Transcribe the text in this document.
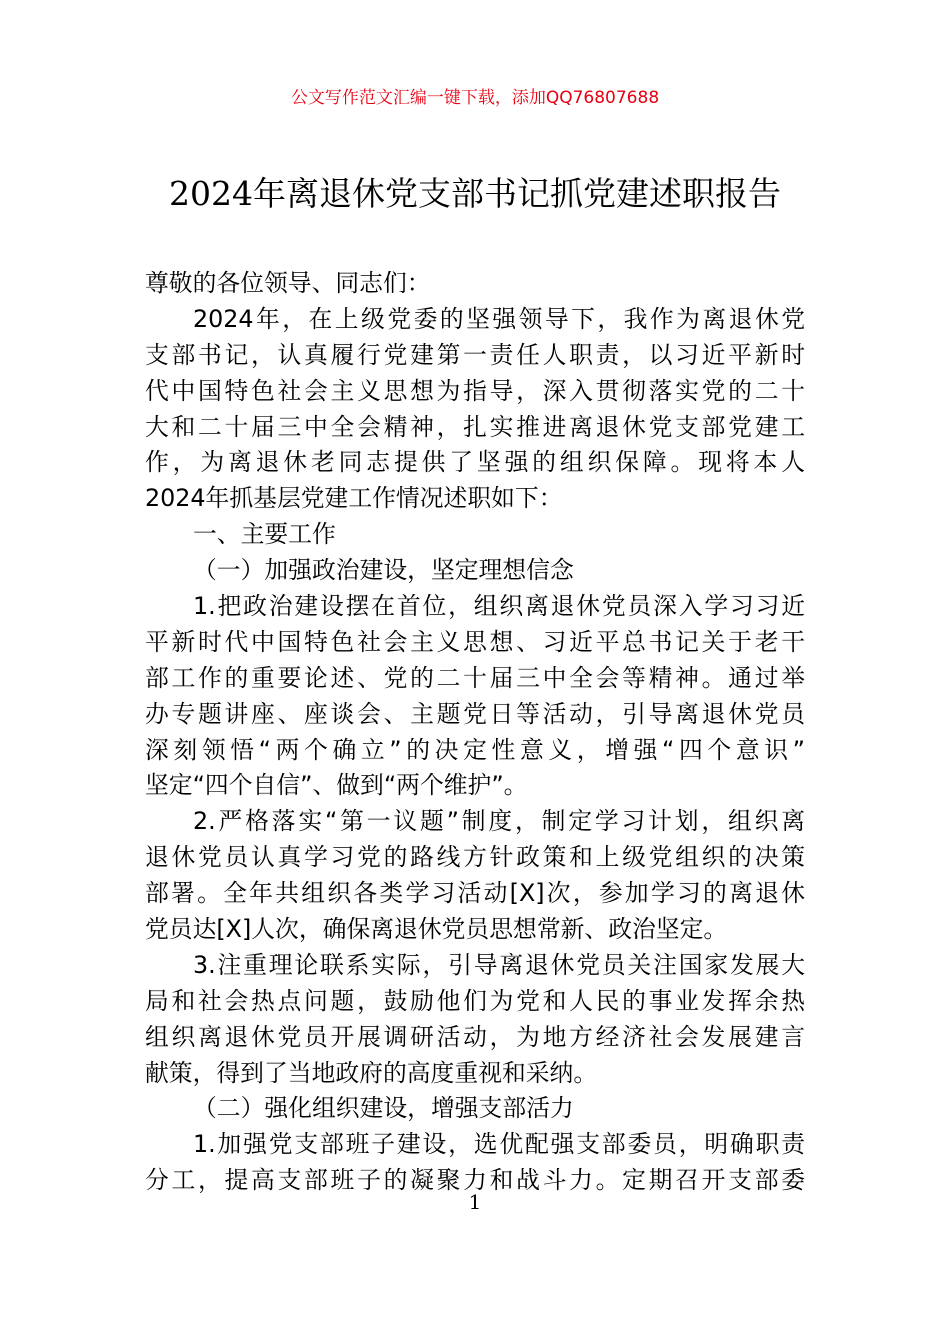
公文写作范文汇编一键下载，添加QQ76807688
2024年离退休党支部书记抓党建述职报告
尊敬的各位领导、同志们：
2024年，在上级党委的坚强领导下，我作为离退休党
支部书记，认真履行党建第一责任人职责，以习近平新时
代中国特色社会主义思想为指导，深入贯彻落实党的二十
大和二十届三中全会精神，扎实推进离退休党支部党建工
作，为离退休老同志提供了坚强的组织保障。现将本人
2024年抓基层党建工作情况述职如下：
一、主要工作
（一）加强政治建设，坚定理想信念
1.把政治建设摆在首位，组织离退休党员深入学习习近
平新时代中国特色社会主义思想、习近平总书记关于老干
部工作的重要论述、党的二十届三中全会等精神。通过举
办专题讲座、座谈会、主题党日等活动，引导离退休党员
深刻领悟“两个确立”的决定性意义，增强“四个意识”
坚定“四个自信”、做到“两个维护”。
2.严格落实“第一议题”制度，制定学习计划，组织离
退休党员认真学习党的路线方针政策和上级党组织的决策
部署。全年共组织各类学习活动[X]次，参加学习的离退休
党员达[X]人次，确保离退休党员思想常新、政治坚定。
3.注重理论联系实际，引导离退休党员关注国家发展大
局和社会热点问题，鼓励他们为党和人民的事业发挥余热
组织离退休党员开展调研活动，为地方经济社会发展建言
献策，得到了当地政府的高度重视和采纳。
（二）强化组织建设，增强支部活力
1.加强党支部班子建设，选优配强支部委员，明确职责
分工，提高支部班子的凝聚力和战斗力。定期召开支部委
1
